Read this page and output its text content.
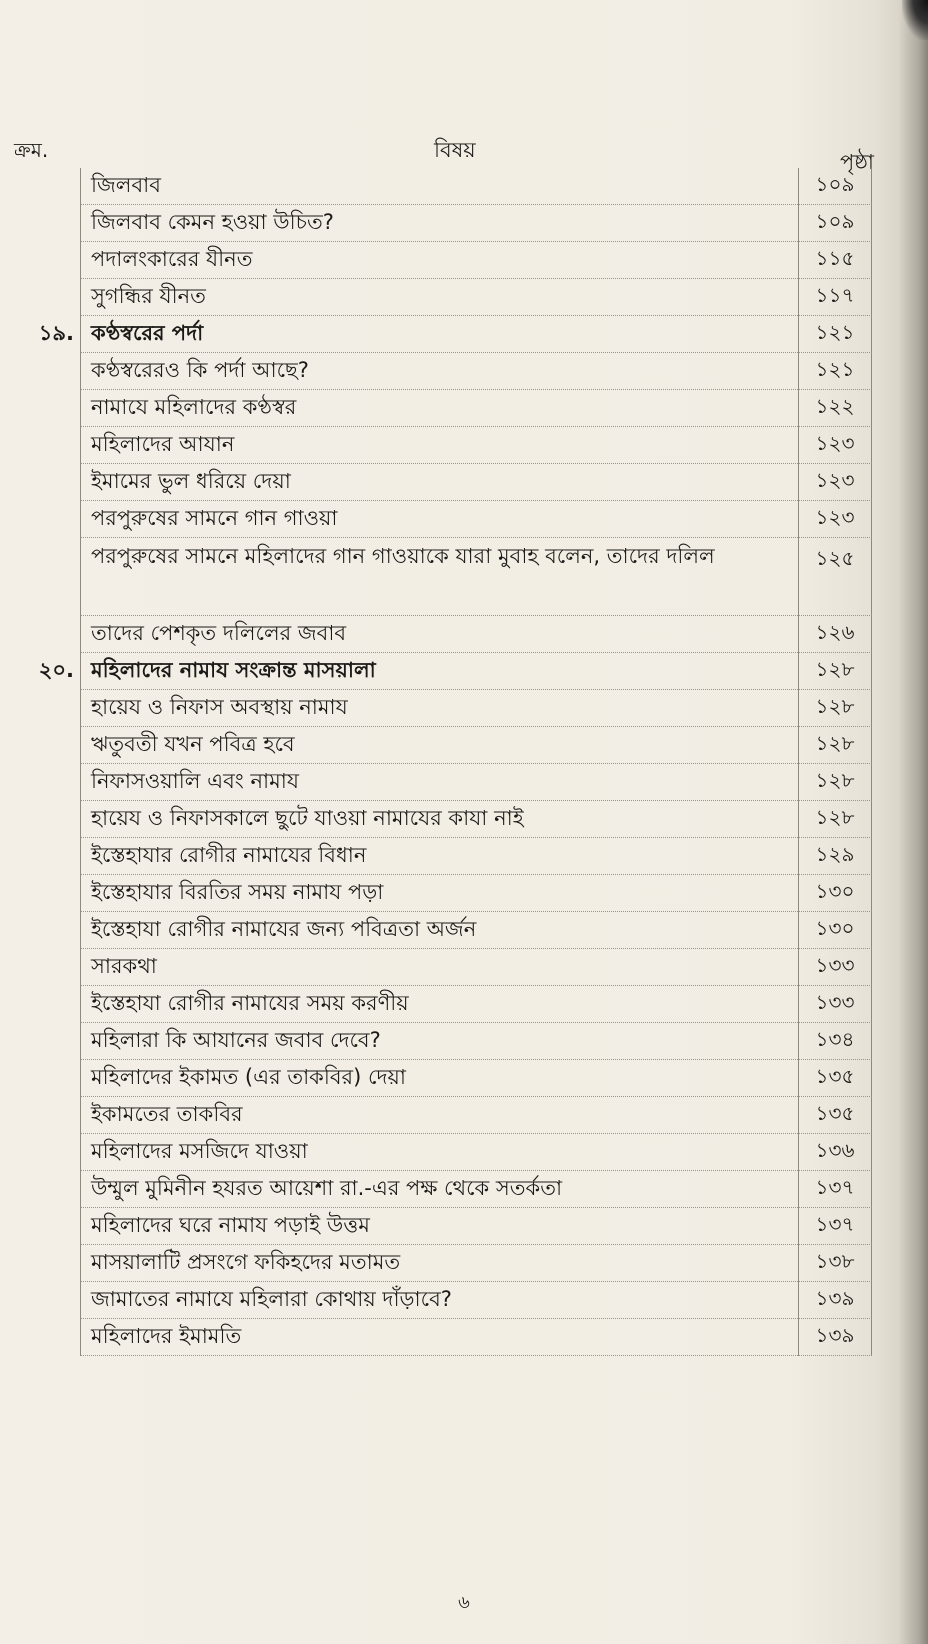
ক্রম.	বিষয়	পৃষ্ঠা
জিলবাব	১০৯
জিলবাব কেমন হওয়া উচিত?	১০৯
পদালংকারের যীনত	১১৫
সুগন্ধির যীনত	১১৭
১৯. কণ্ঠস্বরের পর্দা	১২১
কণ্ঠস্বরেরও কি পর্দা আছে?	১২১
নামাযে মহিলাদের কণ্ঠস্বর	১২২
মহিলাদের আযান	১২৩
ইমামের ভুল ধরিয়ে দেয়া	১২৩
পরপুরুষের সামনে গান গাওয়া	১২৩
পরপুরুষের সামনে মহিলাদের গান গাওয়াকে যারা মুবাহ বলেন, তাদের দলিল	১২৫
তাদের পেশকৃত দলিলের জবাব	১২৬
২০. মহিলাদের নামায সংক্রান্ত মাসয়ালা	১২৮
হায়েয ও নিফাস অবস্থায় নামায	১২৮
ঋতুবতী যখন পবিত্র হবে	১২৮
নিফাসওয়ালি এবং নামায	১২৮
হায়েয ও নিফাসকালে ছুটে যাওয়া নামাযের কাযা নাই	১২৮
ইস্তেহাযার রোগীর নামাযের বিধান	১২৯
ইস্তেহাযার বিরতির সময় নামায পড়া	১৩০
ইস্তেহাযা রোগীর নামাযের জন্য পবিত্রতা অর্জন	১৩০
সারকথা	১৩৩
ইস্তেহাযা রোগীর নামাযের সময় করণীয়	১৩৩
মহিলারা কি আযানের জবাব দেবে?	১৩৪
মহিলাদের ইকামত (এর তাকবির) দেয়া	১৩৫
ইকামতের তাকবির	১৩৫
মহিলাদের মসজিদে যাওয়া	১৩৬
উম্মুল মুমিনীন হযরত আয়েশা রা.-এর পক্ষ থেকে সতর্কতা	১৩৭
মহিলাদের ঘরে নামায পড়াই উত্তম	১৩৭
মাসয়ালাটি প্রসংগে ফকিহদের মতামত	১৩৮
জামাতের নামাযে মহিলারা কোথায় দাঁড়াবে?	১৩৯
মহিলাদের ইমামতি	১৩৯
৬
